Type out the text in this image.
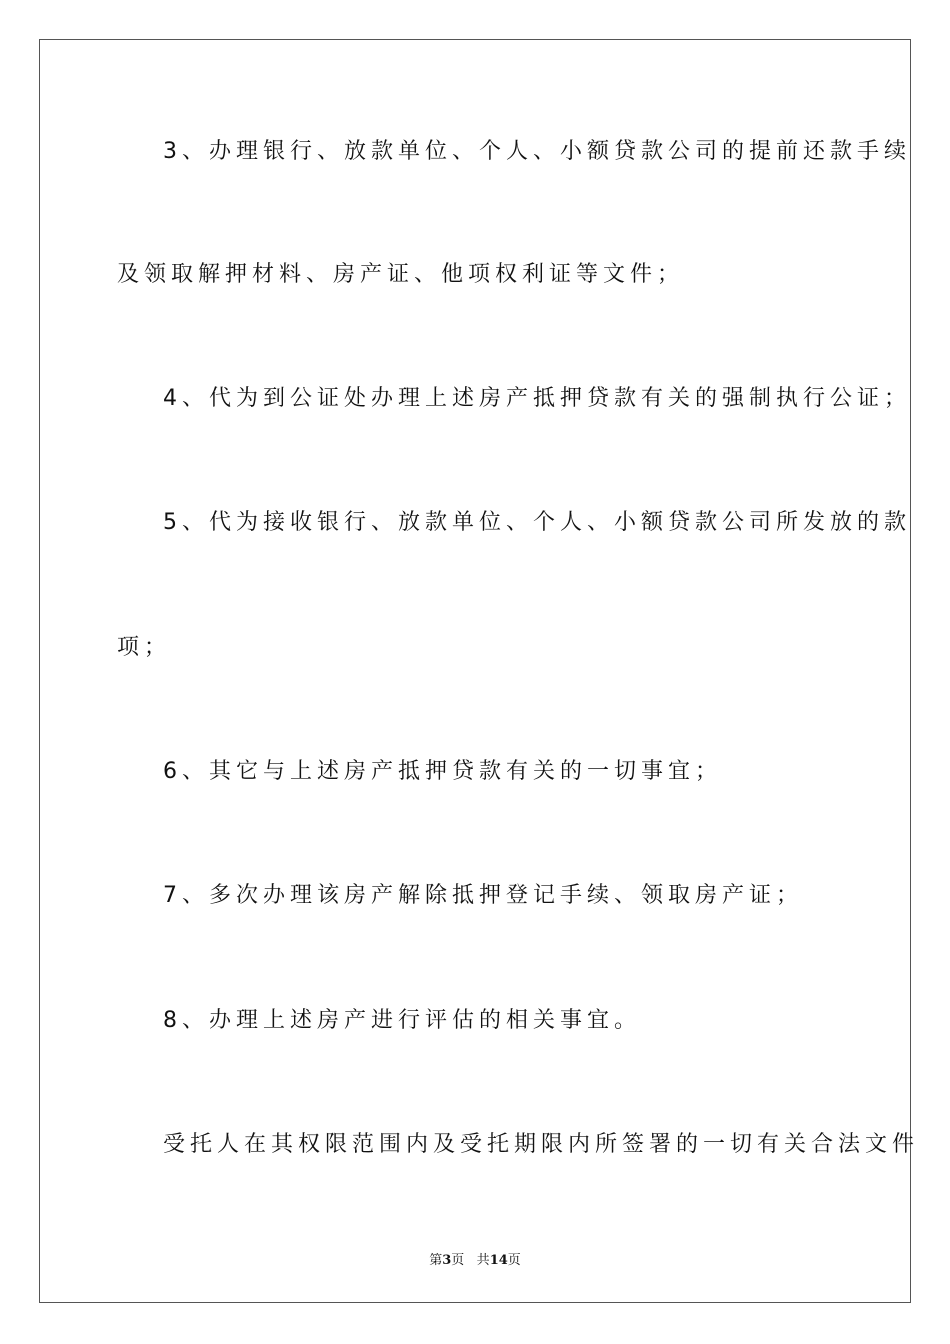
3、办理银行、放款单位、个人、小额贷款公司的提前还款手续
及领取解押材料、房产证、他项权利证等文件；
4、代为到公证处办理上述房产抵押贷款有关的强制执行公证；
5、代为接收银行、放款单位、个人、小额贷款公司所发放的款
项；
6、其它与上述房产抵押贷款有关的一切事宜；
7、多次办理该房产解除抵押登记手续、领取房产证；
8、办理上述房产进行评估的相关事宜。
受托人在其权限范围内及受托期限内所签署的一切有关合法文件
第3页 共14页
